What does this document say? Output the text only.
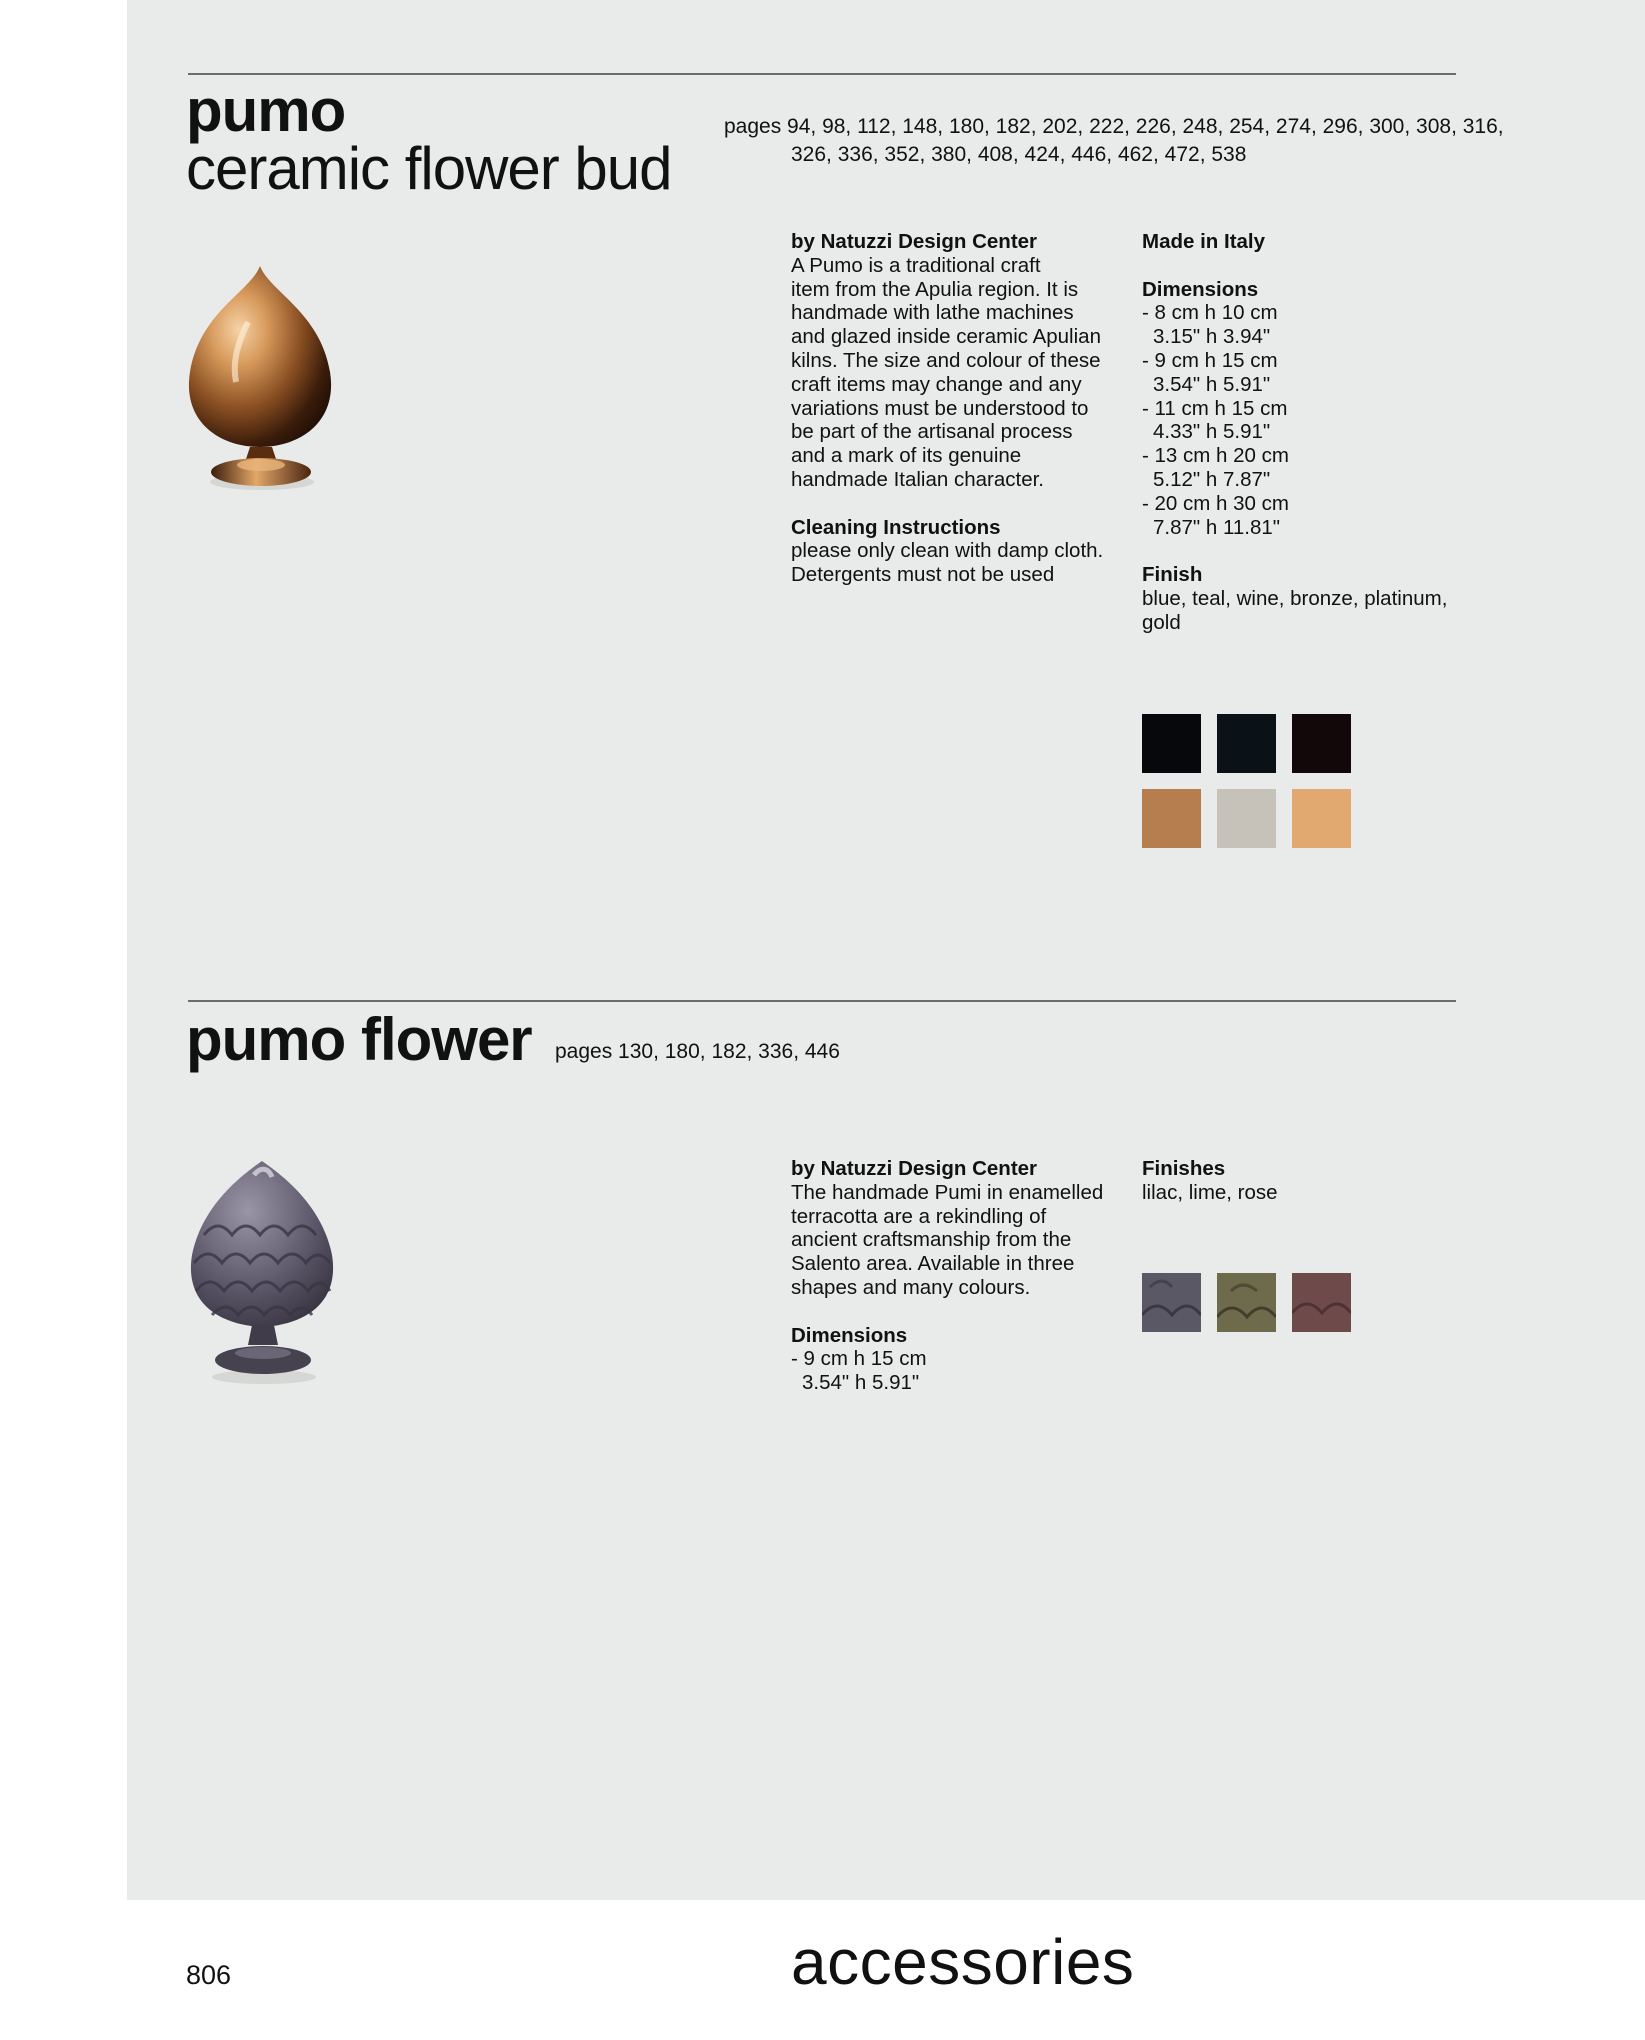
pumo
ceramic flower bud
pages 94, 98, 112, 148, 180, 182, 202, 222, 226, 248, 254, 274, 296, 300, 308, 316,
326, 336, 352, 380, 408, 424, 446, 462, 472, 538
by Natuzzi Design Center
A Pumo is a traditional craft
item from the Apulia region. It is
handmade with lathe machines
and glazed inside ceramic Apulian
kilns. The size and colour of these
craft items may change and any
variations must be understood to
be part of the artisanal process
and a mark of its genuine
handmade Italian character.
Cleaning Instructions
please only clean with damp cloth.
Detergents must not be used
Made in Italy
Dimensions
- 8 cm h 10 cm
3.15" h 3.94"
- 9 cm h 15 cm
3.54" h 5.91"
- 11 cm h 15 cm
4.33" h 5.91"
- 13 cm h 20 cm
5.12" h 7.87"
- 20 cm h 30 cm
7.87" h 11.81"
Finish
blue, teal, wine, bronze, platinum,
gold
pumo flower pages 130, 180, 182, 336, 446
by Natuzzi Design Center
The handmade Pumi in enamelled
terracotta are a rekindling of
ancient craftsmanship from the
Salento area. Available in three
shapes and many colours.
Dimensions
- 9 cm h 15 cm
3.54" h 5.91"
Finishes
lilac, lime, rose
806	accessories
